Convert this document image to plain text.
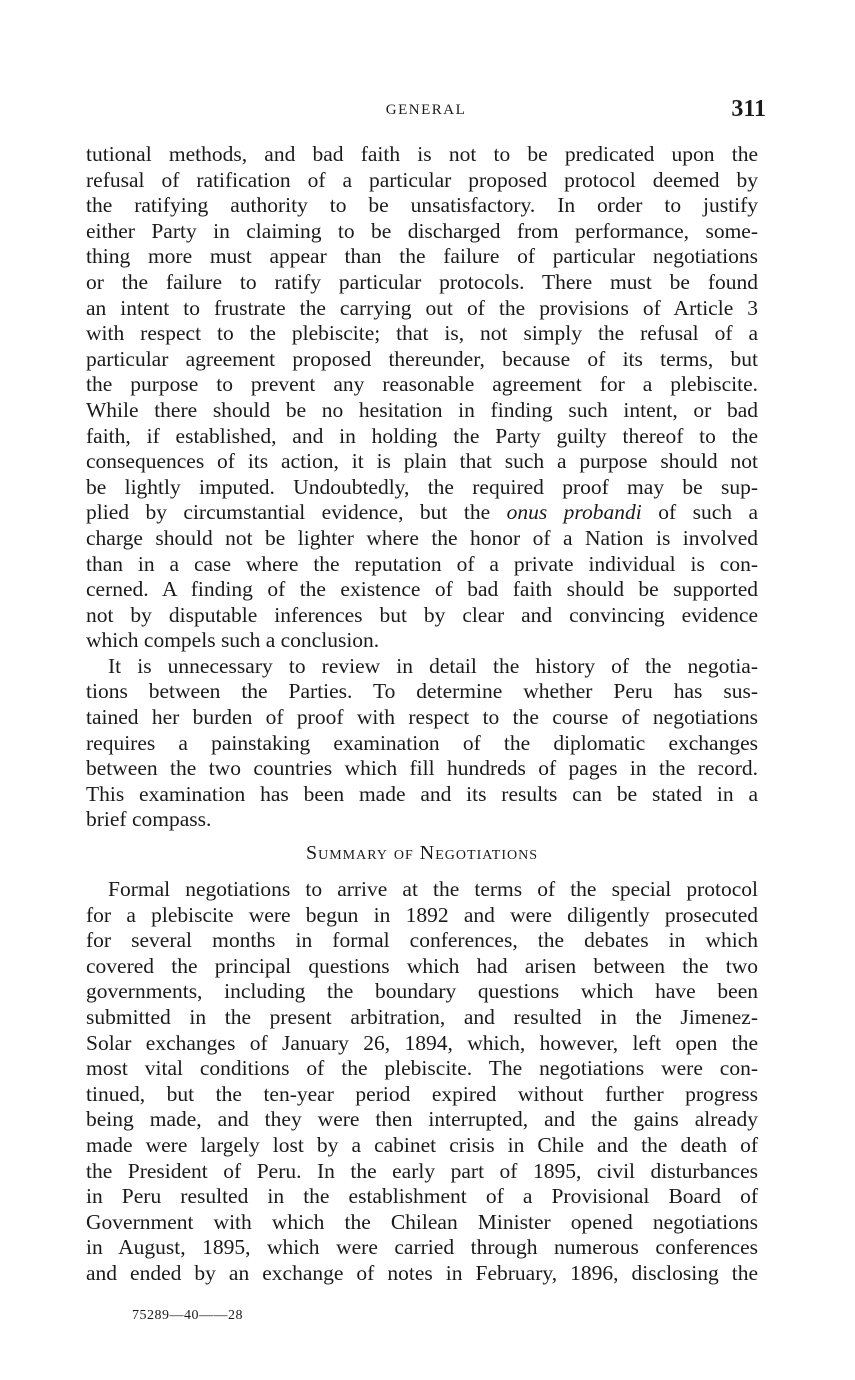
GENERAL	311
tutional methods, and bad faith is not to be predicated upon the
refusal of ratification of a particular proposed protocol deemed by
the ratifying authority to be unsatisfactory. In order to justify
either Party in claiming to be discharged from performance, some-
thing more must appear than the failure of particular negotiations
or the failure to ratify particular protocols. There must be found
an intent to frustrate the carrying out of the provisions of Article 3
with respect to the plebiscite; that is, not simply the refusal of a
particular agreement proposed thereunder, because of its terms, but
the purpose to prevent any reasonable agreement for a plebiscite.
While there should be no hesitation in finding such intent, or bad
faith, if established, and in holding the Party guilty thereof to the
consequences of its action, it is plain that such a purpose should not
be lightly imputed. Undoubtedly, the required proof may be sup-
plied by circumstantial evidence, but the onus probandi of such a
charge should not be lighter where the honor of a Nation is involved
than in a case where the reputation of a private individual is con-
cerned. A finding of the existence of bad faith should be supported
not by disputable inferences but by clear and convincing evidence
which compels such a conclusion.
It is unnecessary to review in detail the history of the negotia-
tions between the Parties. To determine whether Peru has sus-
tained her burden of proof with respect to the course of negotiations
requires a painstaking examination of the diplomatic exchanges
between the two countries which fill hundreds of pages in the record.
This examination has been made and its results can be stated in a
brief compass.
Summary of Negotiations
Formal negotiations to arrive at the terms of the special protocol
for a plebiscite were begun in 1892 and were diligently prosecuted
for several months in formal conferences, the debates in which
covered the principal questions which had arisen between the two
governments, including the boundary questions which have been
submitted in the present arbitration, and resulted in the Jimenez-
Solar exchanges of January 26, 1894, which, however, left open the
most vital conditions of the plebiscite. The negotiations were con-
tinued, but the ten-year period expired without further progress
being made, and they were then interrupted, and the gains already
made were largely lost by a cabinet crisis in Chile and the death of
the President of Peru. In the early part of 1895, civil disturbances
in Peru resulted in the establishment of a Provisional Board of
Government with which the Chilean Minister opened negotiations
in August, 1895, which were carried through numerous conferences
and ended by an exchange of notes in February, 1896, disclosing the
75289—40——28
